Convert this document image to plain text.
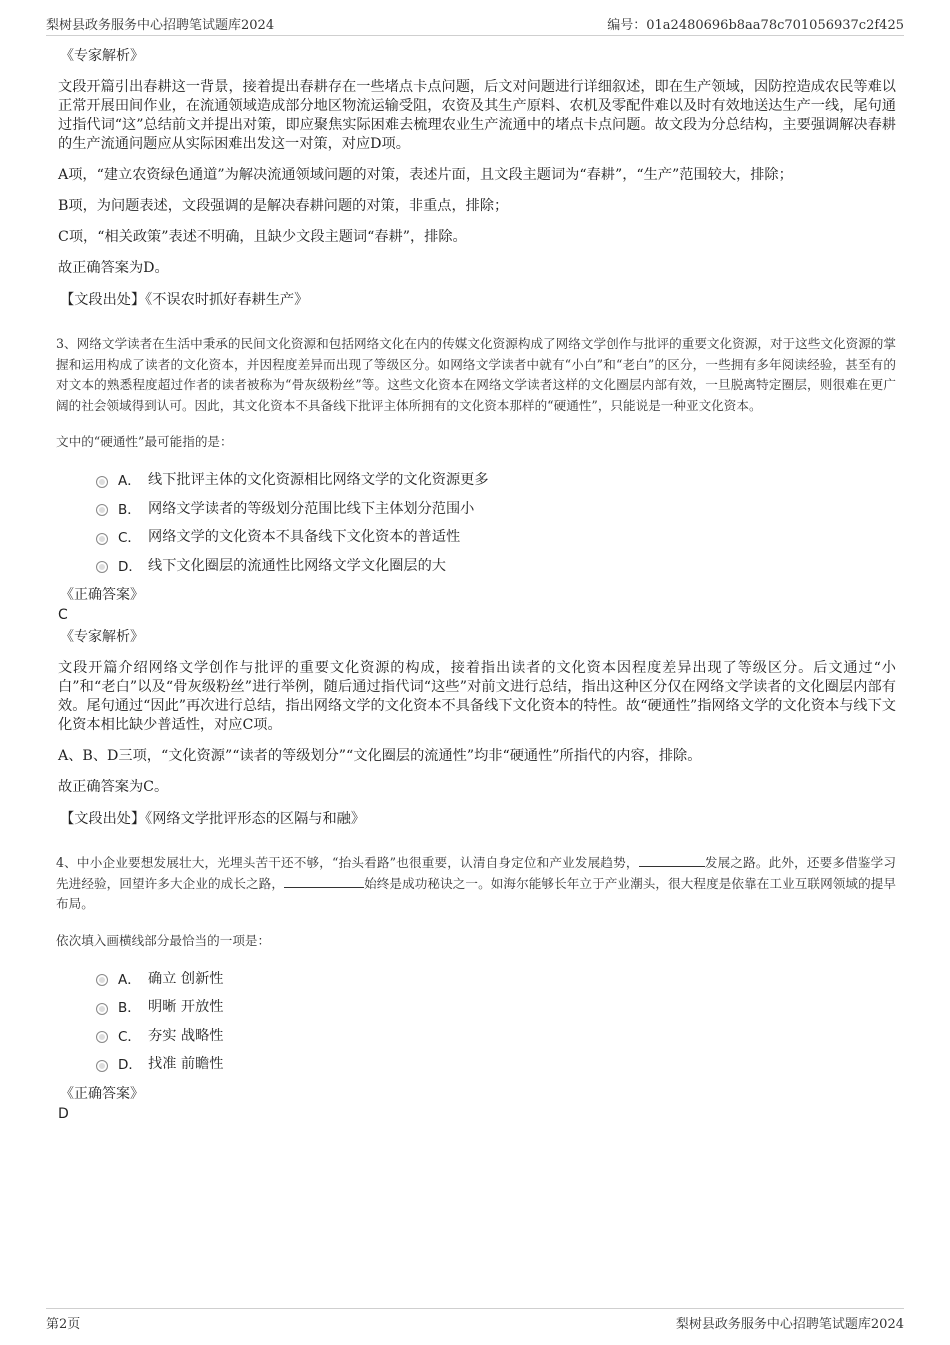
梨树县政务服务中心招聘笔试题库2024	编号：01a2480696b8aa78c701056937c2f425
《专家解析》
文段开篇引出春耕这一背景，接着提出春耕存在一些堵点卡点问题，后文对问题进行详细叙述，即在生产领域，因防控造成农民等难以正常开展田间作业，在流通领域造成部分地区物流运输受阻，农资及其生产原料、农机及零配件难以及时有效地送达生产一线，尾句通过指代词“这”总结前文并提出对策，即应聚焦实际困难去梳理农业生产流通中的堵点卡点问题。故文段为分总结构，主要强调解决春耕的生产流通问题应从实际困难出发这一对策，对应D项。
A项，“建立农资绿色通道”为解决流通领域问题的对策，表述片面，且文段主题词为“春耕”，“生产”范围较大，排除；
B项，为问题表述，文段强调的是解决春耕问题的对策，非重点，排除；
C项，“相关政策”表述不明确，且缺少文段主题词“春耕”，排除。
故正确答案为D。
【文段出处】《不误农时抓好春耕生产》
3、网络文学读者在生活中秉承的民间文化资源和包括网络文化在内的传媒文化资源构成了网络文学创作与批评的重要文化资源，对于这些文化资源的掌握和运用构成了读者的文化资本，并因程度差异而出现了等级区分。如网络文学读者中就有“小白”和“老白”的区分，一些拥有多年阅读经验，甚至有的对文本的熟悉程度超过作者的读者被称为“骨灰级粉丝”等。这些文化资本在网络文学读者这样的文化圈层内部有效，一旦脱离特定圈层，则很难在更广阔的社会领域得到认可。因此，其文化资本不具备线下批评主体所拥有的文化资本那样的“硬通性”，只能说是一种亚文化资本。
文中的“硬通性”最可能指的是：
A． 线下批评主体的文化资源相比网络文学的文化资源更多
B． 网络文学读者的等级划分范围比线下主体划分范围小
C． 网络文学的文化资本不具备线下文化资本的普适性
D． 线下文化圈层的流通性比网络文学文化圈层的大
《正确答案》
C
《专家解析》
文段开篇介绍网络文学创作与批评的重要文化资源的构成，接着指出读者的文化资本因程度差异出现了等级区分。后文通过“小白”和“老白”以及“骨灰级粉丝”进行举例，随后通过指代词“这些”对前文进行总结，指出这种区分仅在网络文学读者的文化圈层内部有效。尾句通过“因此”再次进行总结，指出网络文学的文化资本不具备线下文化资本的特性。故“硬通性”指网络文学的文化资本与线下文化资本相比缺少普适性，对应C项。
A、B、D三项，“文化资源”“读者的等级划分”“文化圈层的流通性”均非“硬通性”所指代的内容，排除。
故正确答案为C。
【文段出处】《网络文学批评形态的区隔与和融》
4、中小企业要想发展壮大，光埋头苦干还不够，“抬头看路”也很重要，认清自身定位和产业发展趋势，	发展之路。此外，还要多借鉴学习先进经验，回望许多大企业的成长之路，	始终是成功秘诀之一。如海尔能够长年立于产业潮头，很大程度是依靠在工业互联网领域的提早布局。
依次填入画横线部分最恰当的一项是：
A． 确立 创新性
B． 明晰 开放性
C． 夯实 战略性
D． 找准 前瞻性
《正确答案》
D
第2页	梨树县政务服务中心招聘笔试题库2024
